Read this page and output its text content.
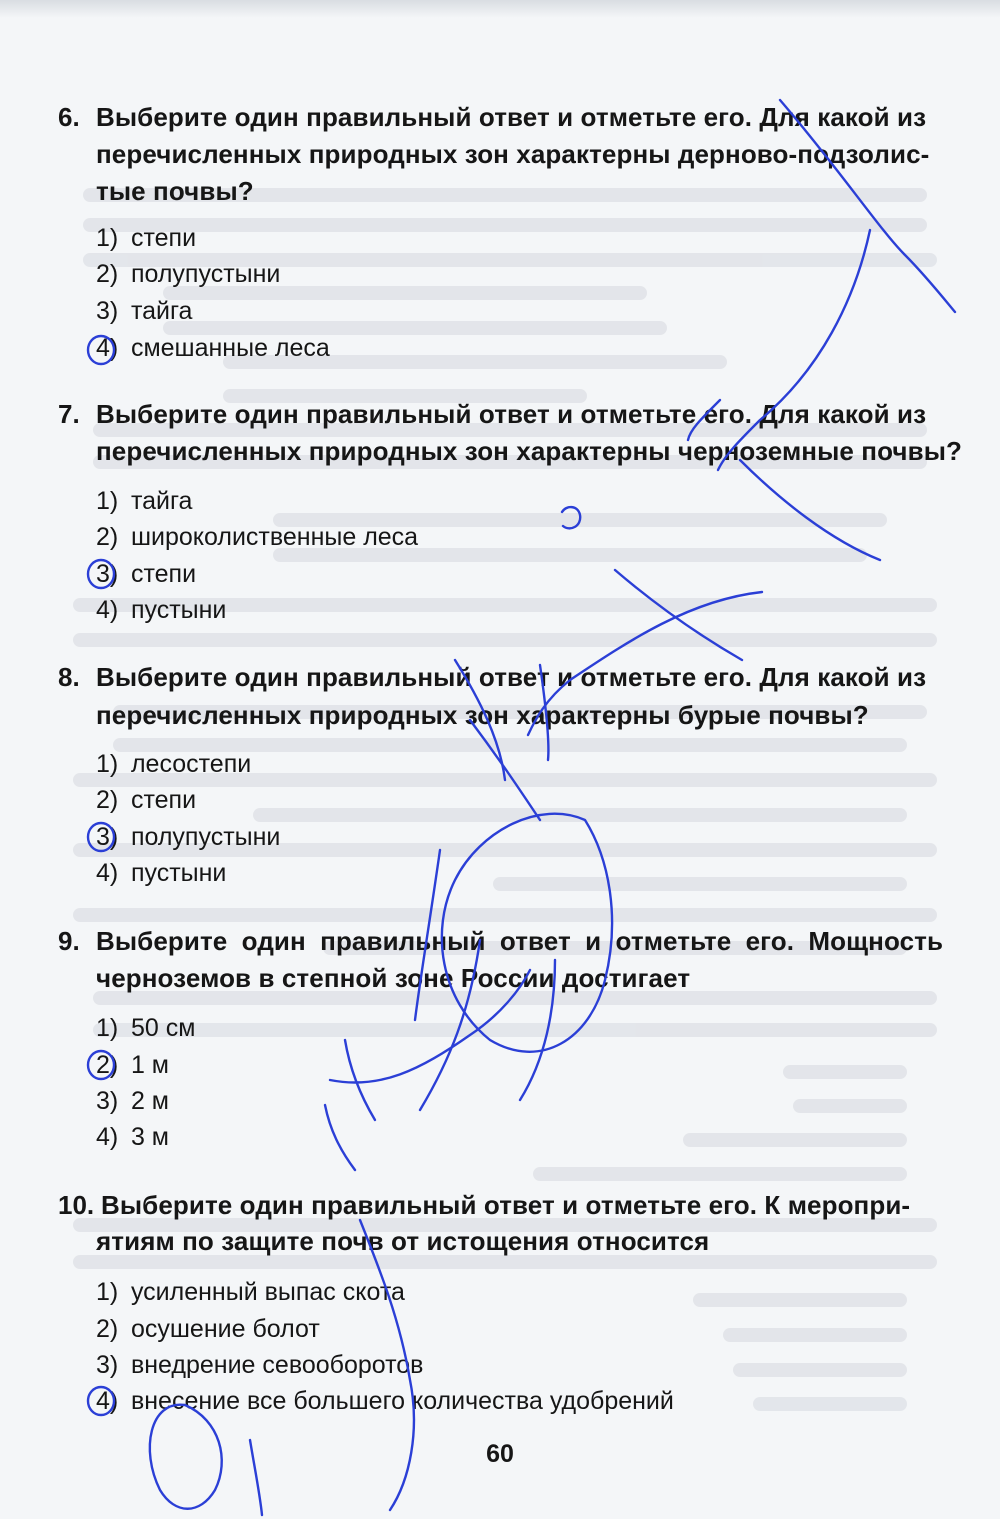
6. Выберите один правильный ответ и отметьте его. Для какой из
перечисленных природных зон характерны дерново-подзолис-
тые почвы?
1) степи
2) полупустыни
3) тайга
4) смешанные леса
7. Выберите один правильный ответ и отметьте его. Для какой из
перечисленных природных зон характерны черноземные почвы?
1) тайга
2) широколиственные леса
3) степи
4) пустыни
8. Выберите один правильный ответ и отметьте его. Для какой из
перечисленных природных зон характерны бурые почвы?
1) лесостепи
2) степи
3) полупустыни
4) пустыни
9. Выберите один правильный ответ и отметьте его. Мощность
черноземов в степной зоне России достигает
1) 50 см
2) 1 м
3) 2 м
4) 3 м
10. Выберите один правильный ответ и отметьте его. К меропри-
ятиям по защите почв от истощения относится
1) усиленный выпас скота
2) осушение болот
3) внедрение севооборотов
4) внесение все большего количества удобрений
60
